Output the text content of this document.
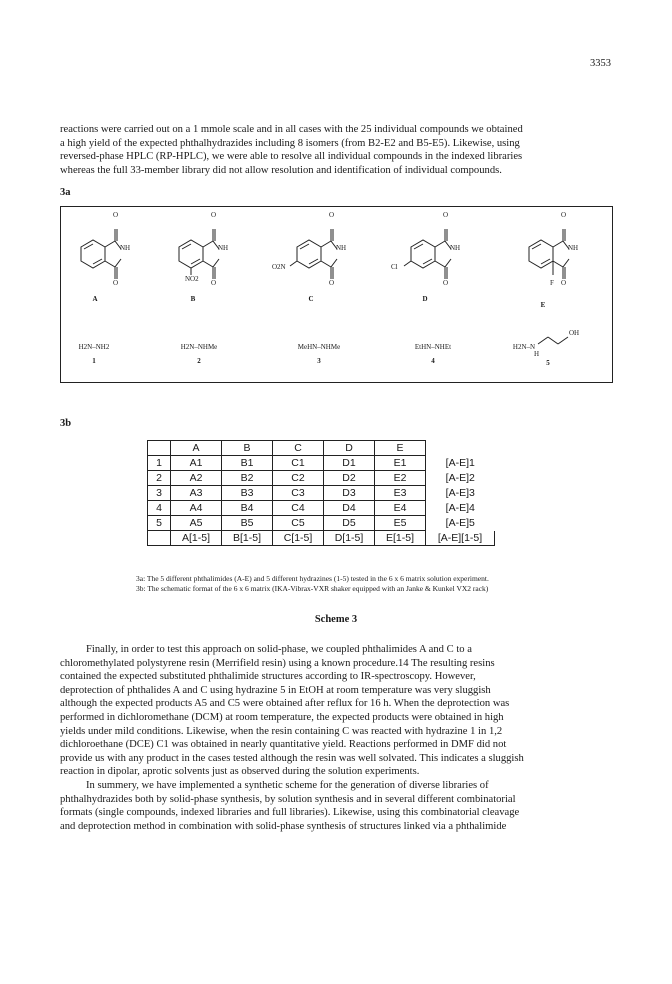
3353
reactions were carried out on a 1 mmole scale and in all cases with the 25 individual compounds we obtained
a high yield of the expected phthalhydrazides including 8 isomers (from B2-E2 and B5-E5). Likewise, using
reversed-phase HPLC (RP-HPLC), we were able to resolve all individual compounds in the indexed libraries
whereas the full 33-member library did not allow resolution and identification of individual compounds.
3a
O
NH
O
O
NH
O
NO2
O
NH
O
O2N
O
NH
O
Cl
O
NH
O
F
A	B	C	D
E
H2N–NH2	H2N–NHMe	MeHN–NHMe	EtHN–NHEt	H2N–N
OH
H
1	2	3	4	5
3b
	A	B	C	D	E	
1	A1	B1	C1	D1	E1	[A-E]1
2	A2	B2	C2	D2	E2	[A-E]2
3	A3	B3	C3	D3	E3	[A-E]3
4	A4	B4	C4	D4	E4	[A-E]4
5	A5	B5	C5	D5	E5	[A-E]5
	A[1-5]	B[1-5]	C[1-5]	D[1-5]	E[1-5]	[A-E][1-5]
3a: The 5 different phthalimides (A-E) and 5 different hydrazines (1-5) tested in the 6 x 6 matrix solution experiment.
3b: The schematic format of the 6 x 6 matrix (IKA-Vibrax-VXR shaker equipped with an Janke & Kunkel VX2 rack)
Scheme 3
Finally, in order to test this approach on solid-phase, we coupled phthalimides A and C to a
chloromethylated polystyrene resin (Merrifield resin) using a known procedure.14 The resulting resins
contained the expected substituted phthalimide structures according to IR-spectroscopy. However,
deprotection of phthalides A and C using hydrazine 5 in EtOH at room temperature was very sluggish
although the expected products A5 and C5 were obtained after reflux for 16 h. When the deprotection was
performed in dichloromethane (DCM) at room temperature, the expected products were obtained in high
yields under mild conditions. Likewise, when the resin containing C was reacted with hydrazine 1 in 1,2
dichloroethane (DCE) C1 was obtained in nearly quantitative yield. Reactions performed in DMF did not
provide us with any product in the cases tested although the resin was well solvated. This indicates a sluggish
reaction in dipolar, aprotic solvents just as observed during the solution experiments.
In summery, we have implemented a synthetic scheme for the generation of diverse libraries of
phthalhydrazides both by solid-phase synthesis, by solution synthesis and in several different combinatorial
formats (single compounds, indexed libraries and full libraries). Likewise, using this combinatorial cleavage
and deprotection method in combination with solid-phase synthesis of structures linked via a phthalimide
